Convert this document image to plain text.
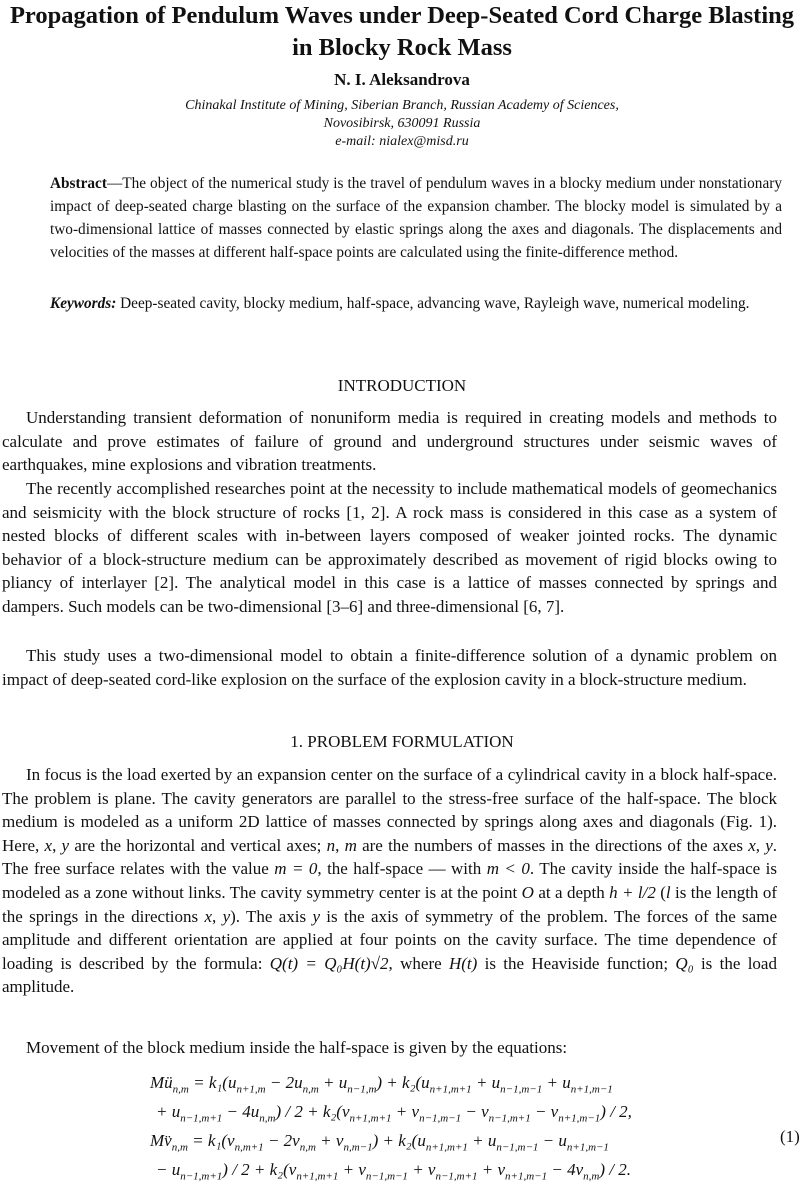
Propagation of Pendulum Waves under Deep-Seated Cord Charge Blasting in Blocky Rock Mass
N. I. Aleksandrova
Chinakal Institute of Mining, Siberian Branch, Russian Academy of Sciences,
Novosibirsk, 630091 Russia
e-mail: nialex@misd.ru

Abstract—The object of the numerical study is the travel of pendulum waves in a blocky medium under nonstationary impact of deep-seated charge blasting on the surface of the expansion chamber. The blocky model is simulated by a two-dimensional lattice of masses connected by elastic springs along the axes and diagonals. The displacements and velocities of the masses at different half-space points are calculated using the finite-difference method.

Keywords: Deep-seated cavity, blocky medium, half-space, advancing wave, Rayleigh wave, numerical modeling.

INTRODUCTION

Understanding transient deformation of nonuniform media is required in creating models and methods to calculate and prove estimates of failure of ground and underground structures under seismic waves of earthquakes, mine explosions and vibration treatments.

The recently accomplished researches point at the necessity to include mathematical models of geomechanics and seismicity with the block structure of rocks [1, 2]. A rock mass is considered in this case as a system of nested blocks of different scales with in-between layers composed of weaker jointed rocks. The dynamic behavior of a block-structure medium can be approximately described as movement of rigid blocks owing to pliancy of interlayer [2]. The analytical model in this case is a lattice of masses connected by springs and dampers. Such models can be two-dimensional [3–6] and three-dimensional [6, 7].

This study uses a two-dimensional model to obtain a finite-difference solution of a dynamic problem on impact of deep-seated cord-like explosion on the surface of the explosion cavity in a block-structure medium.

1. PROBLEM FORMULATION

In focus is the load exerted by an expansion center on the surface of a cylindrical cavity in a block half-space. The problem is plane. The cavity generators are parallel to the stress-free surface of the half-space. The block medium is modeled as a uniform 2D lattice of masses connected by springs along axes and diagonals (Fig. 1). Here, x, y are the horizontal and vertical axes; n, m are the numbers of masses in the directions of the axes x, y. The free surface relates with the value m = 0, the half-space — with m < 0. The cavity inside the half-space is modeled as a zone without links. The cavity symmetry center is at the point O at a depth h + l/2 (l is the length of the springs in the directions x, y). The axis y is the axis of symmetry of the problem. The forces of the same amplitude and different orientation are applied at four points on the cavity surface. The time dependence of loading is described by the formula: Q(t) = Q₀H(t)√2, where H(t) is the Heaviside function; Q₀ is the load amplitude.

Movement of the block medium inside the half-space is given by the equations:

$Mü_{n,m} = k_1(u_{n+1,m} - 2u_{n,m} + u_{n-1,m}) + k_2(u_{n+1,m+1} + u_{n-1,m-1} + u_{n+1,m-1}$
+ $u_{n-1,m+1} - 4u_{n,m}) / 2 + k_2(v_{n+1,m+1} + v_{n-1,m-1} - v_{n-1,m+1} - v_{n+1,m-1}) / 2$,
$Mv̈_{n,m} = k_1(v_{n,m+1} - 2v_{n,m} + v_{n,m-1}) + k_2(u_{n+1,m+1} + u_{n-1,m-1} - u_{n+1,m-1}$
− $u_{n-1,m+1}) / 2 + k_2(v_{n+1,m+1} + v_{n-1,m-1} + v_{n-1,m+1} + v_{n+1,m-1} - 4v_{n,m}) / 2$.
(1)
